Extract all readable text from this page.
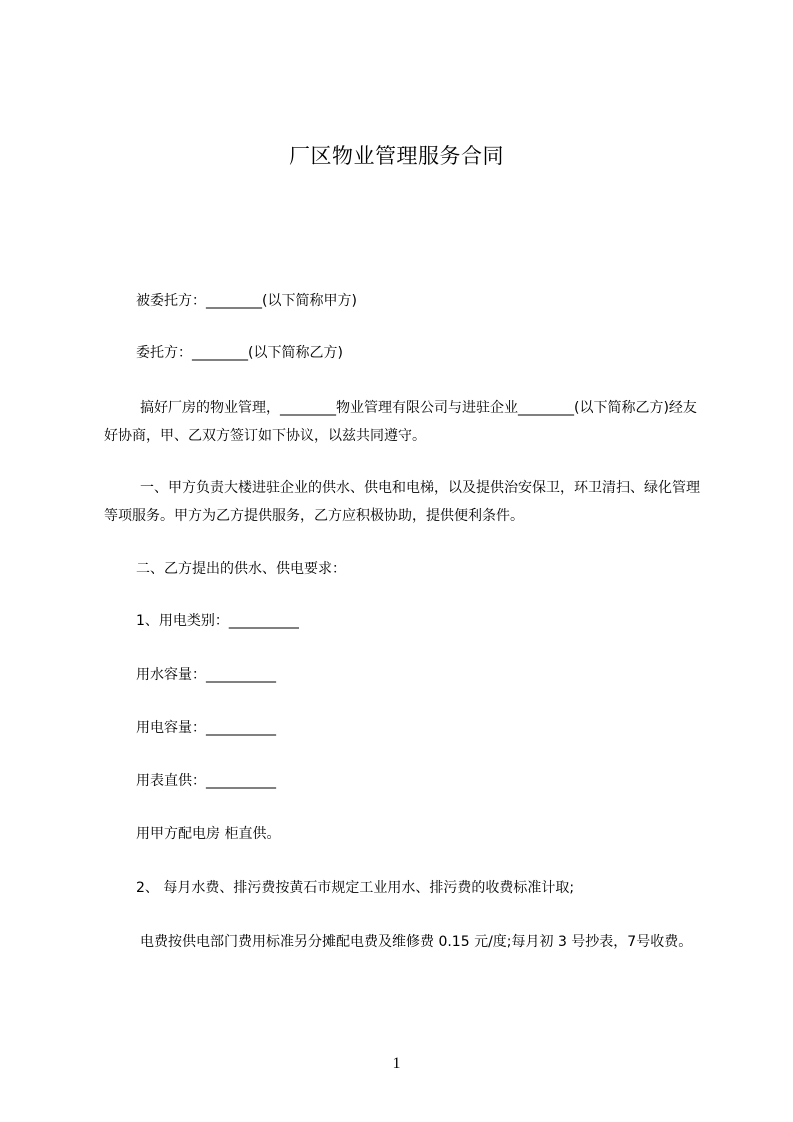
厂区物业管理服务合同

被委托方：________(以下简称甲方)

委托方：________(以下简称乙方)

搞好厂房的物业管理，________物业管理有限公司与进驻企业________(以下简称乙方)经友好协商，甲、乙双方签订如下协议，以兹共同遵守。

一、甲方负责大楼进驻企业的供水、供电和电梯，以及提供治安保卫，环卫清扫、绿化管理等项服务。甲方为乙方提供服务，乙方应积极协助，提供便利条件。

二、乙方提出的供水、供电要求：

1、用电类别：__________

用水容量：__________

用电容量：__________

用表直供：__________

用甲方配电房 柜直供。

2、 每月水费、排污费按黄石市规定工业用水、排污费的收费标准计取;

电费按供电部门费用标准另分摊配电费及维修费 0.15 元/度;每月初 3 号抄表，7号收费。

1
